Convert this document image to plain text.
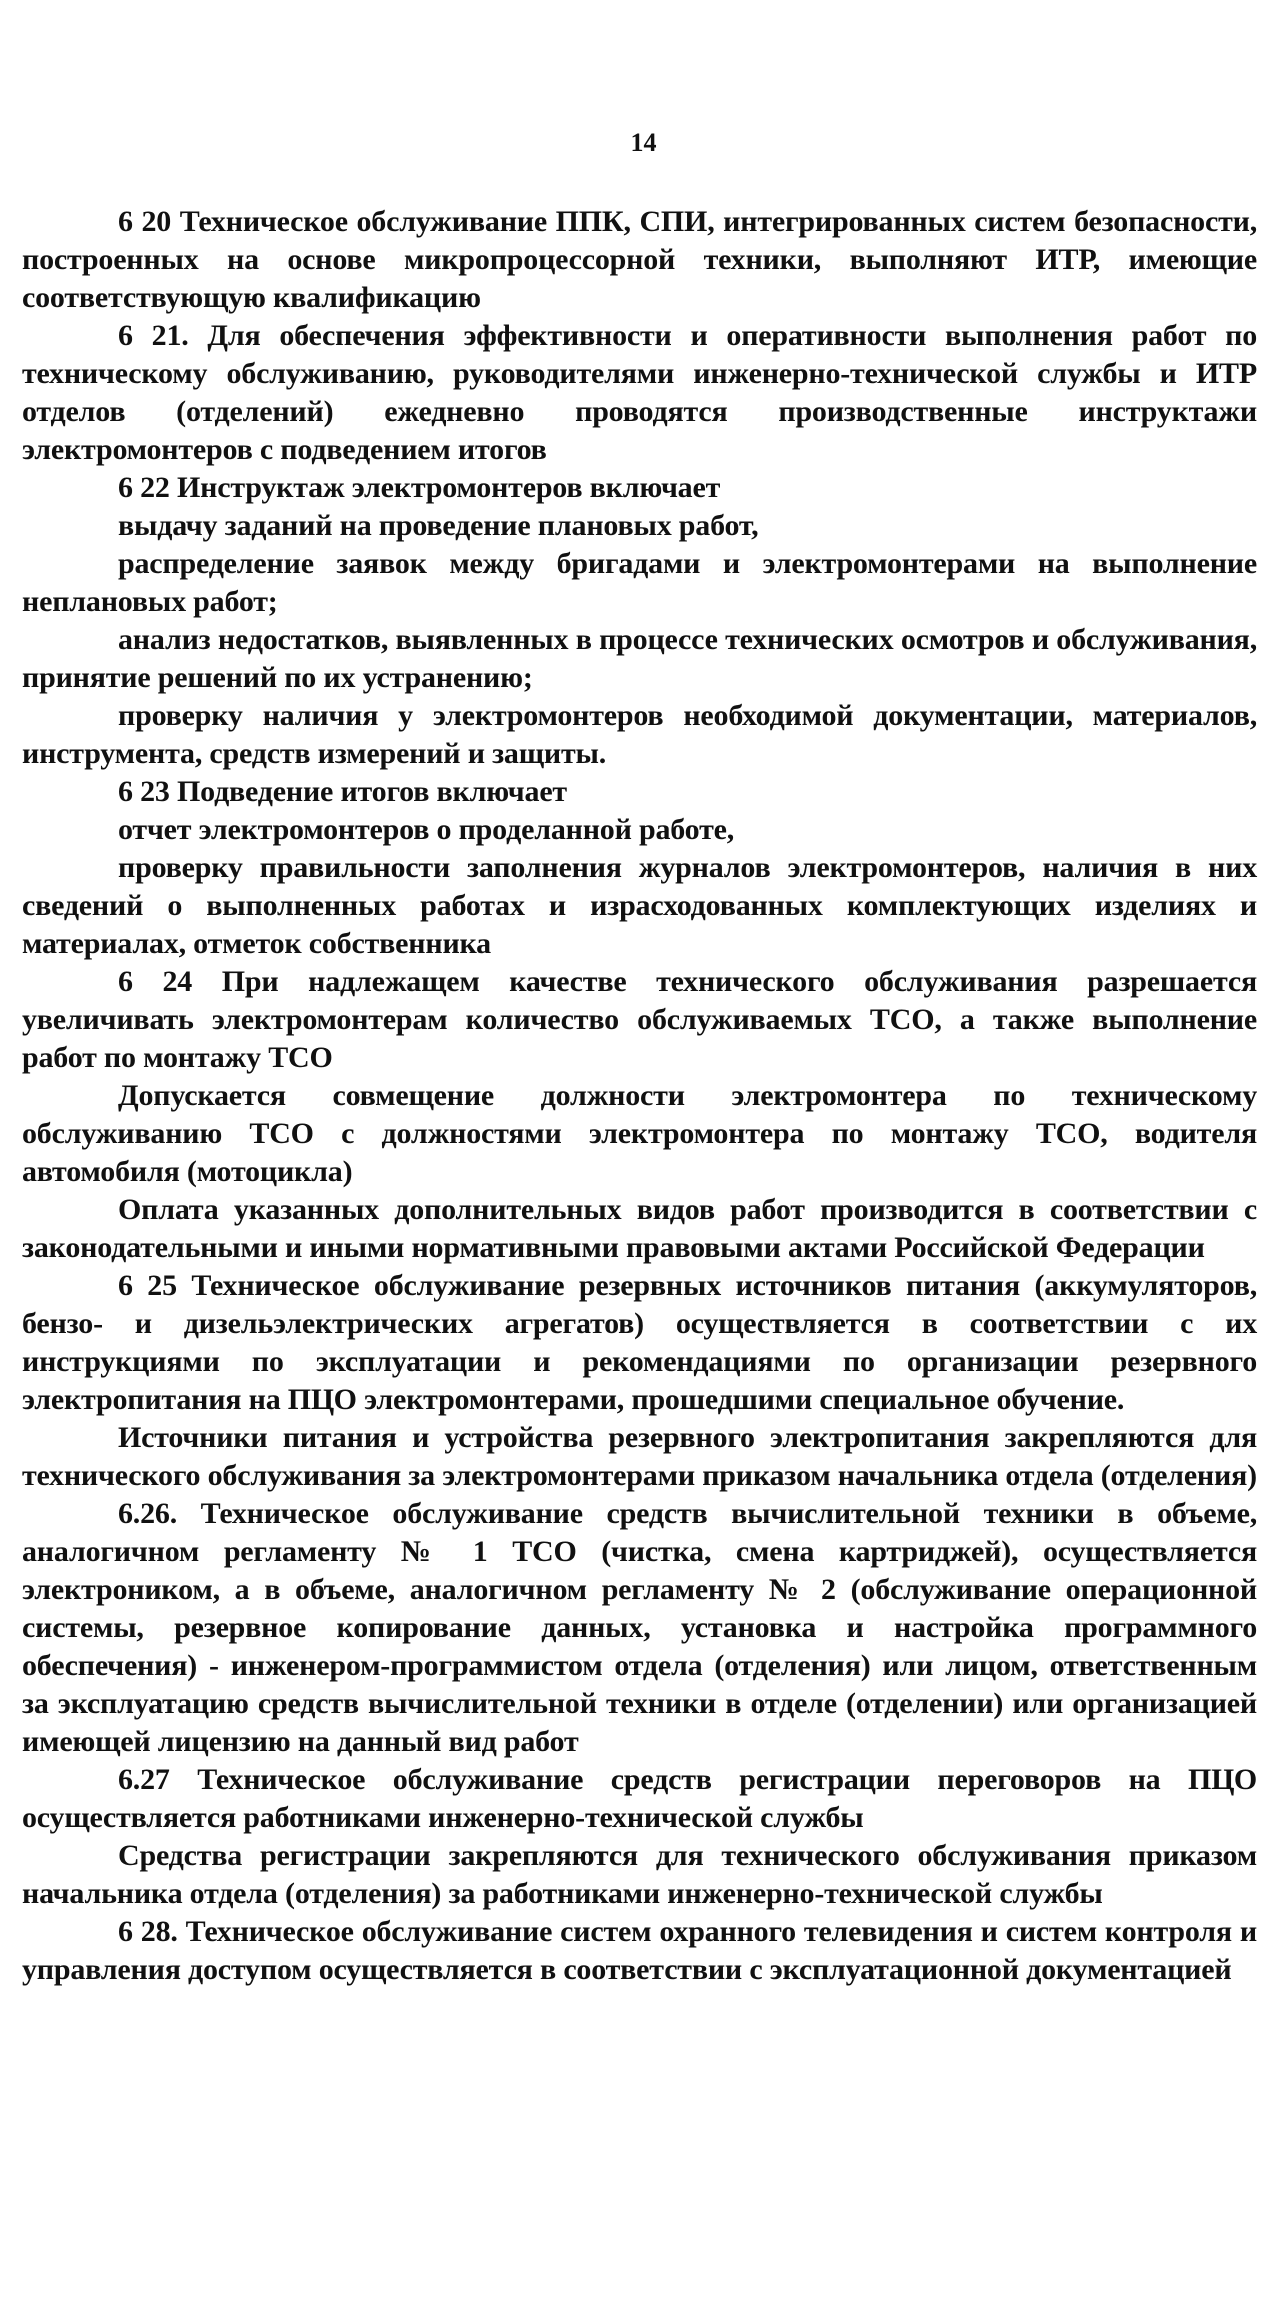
14

6 20 Техническое обслуживание ППК, СПИ, интегрированных систем безопасности, построенных на основе микропроцессорной техники, выполняют ИТР, имеющие соответствующую квалификацию

6 21. Для обеспечения эффективности и оперативности выполнения работ по техническому обслуживанию, руководителями инженерно-технической службы и ИТР отделов (отделений) ежедневно проводятся производственные инструктажи электромонтеров с подведением итогов

6 22 Инструктаж электромонтеров включает

выдачу заданий на проведение плановых работ,

распределение заявок между бригадами и электромонтерами на выполнение неплановых работ;

анализ недостатков, выявленных в процессе технических осмотров и обслуживания, принятие решений по их устранению;

проверку наличия у электромонтеров необходимой документации, материалов, инструмента, средств измерений и защиты.

6 23 Подведение итогов включает

отчет электромонтеров о проделанной работе,

проверку правильности заполнения журналов электромонтеров, наличия в них сведений о выполненных работах и израсходованных комплектующих изделиях и материалах, отметок собственника

6 24 При надлежащем качестве технического обслуживания разрешается увеличивать электромонтерам количество обслуживаемых ТСО, а также выполнение работ по монтажу ТСО

Допускается совмещение должности электромонтера по техническому обслуживанию ТСО с должностями электромонтера по монтажу ТСО, водителя автомобиля (мотоцикла)

Оплата указанных дополнительных видов работ производится в соответствии с законодательными и иными нормативными правовыми актами Российской Федерации

6 25 Техническое обслуживание резервных источников питания (аккумуляторов, бензо- и дизельэлектрических агрегатов) осуществляется в соответствии с их инструкциями по эксплуатации и рекомендациями по организации резервного электропитания на ПЦО электромонтерами, прошедшими специальное обучение.

Источники питания и устройства резервного электропитания закрепляются для технического обслуживания за электромонтерами приказом начальника отдела (отделения)

6.26. Техническое обслуживание средств вычислительной техники в объеме, аналогичном регламенту № 1 ТСО (чистка, смена картриджей), осуществляется электроником, а в объеме, аналогичном регламенту № 2 (обслуживание операционной системы, резервное копирование данных, установка и настройка программного обеспечения) - инженером-программистом отдела (отделения) или лицом, ответственным за эксплуатацию средств вычислительной техники в отделе (отделении) или организацией имеющей лицензию на данный вид работ

6.27 Техническое обслуживание средств регистрации переговоров на ПЦО осуществляется работниками инженерно-технической службы

Средства регистрации закрепляются для технического обслуживания приказом начальника отдела (отделения) за работниками инженерно-технической службы

6 28. Техническое обслуживание систем охранного телевидения и систем контроля и управления доступом осуществляется в соответствии с эксплуатационной документацией
